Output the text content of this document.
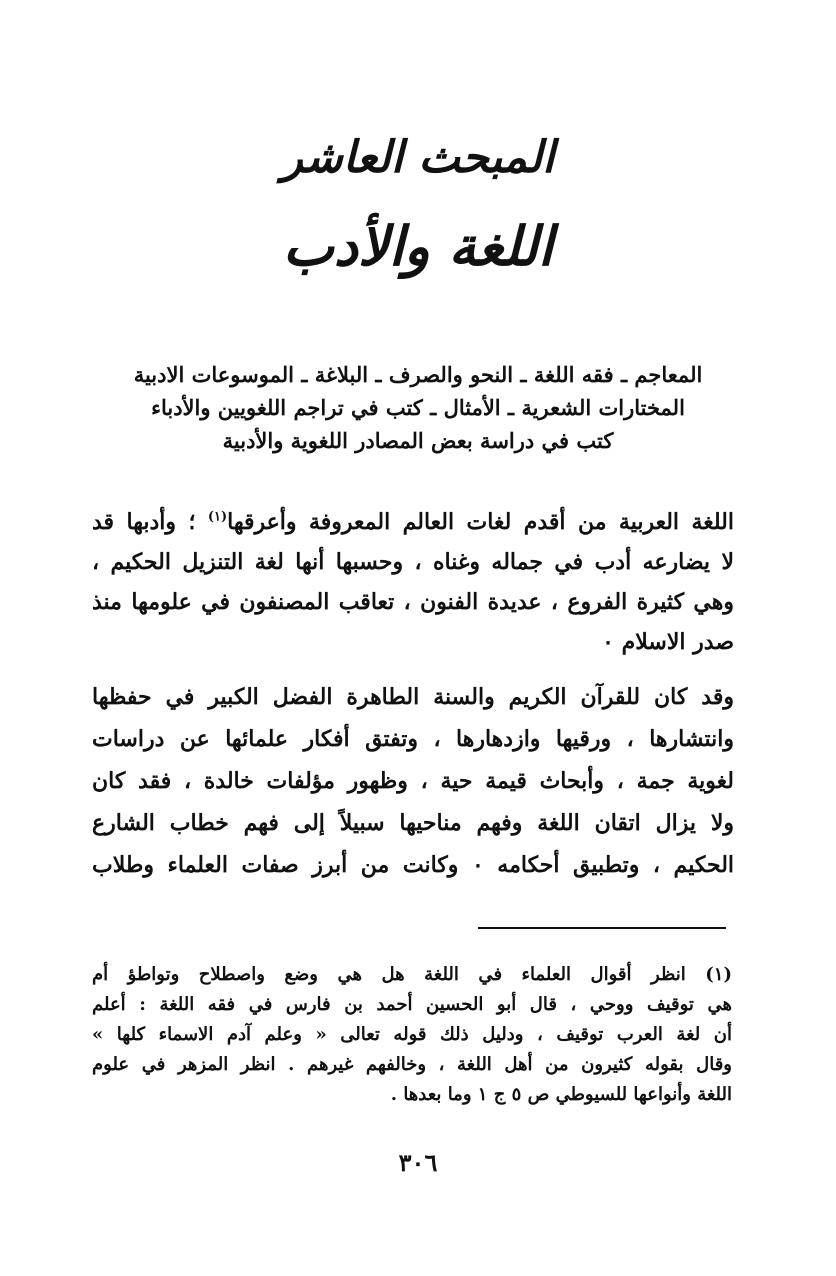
المبحث العاشر
اللغة والأدب
المعاجم ـ فقه اللغة ـ النحو والصرف ـ البلاغة ـ الموسوعات الادبية
المختارات الشعرية ـ الأمثال ـ كتب في تراجم اللغويين والأدباء
كتب في دراسة بعض المصادر اللغوية والأدبية
اللغة العربية من أقدم لغات العالم المعروفة وأعرقها$^{(١)}$ ؛ وأدبها قد
لا يضارعه أدب في جماله وغناه ، وحسبها أنها لغة التنزيل الحكيم ،
وهي كثيرة الفروع ، عديدة الفنون ، تعاقب المصنفون في علومها منذ
صدر الاسلام ٠
وقد كان للقرآن الكريم والسنة الطاهرة الفضل الكبير في حفظها
وانتشارها ، ورقيها وازدهارها ، وتفتق أفكار علمائها عن دراسات
لغوية جمة ، وأبحاث قيمة حية ، وظهور مؤلفات خالدة ، فقد كان
ولا يزال اتقان اللغة وفهم مناحيها سبيلاً إلى فهم خطاب الشارع
الحكيم ، وتطبيق أحكامه ٠ وكانت من أبرز صفات العلماء وطلاب
(١) انظر أقوال العلماء في اللغة هل هي وضع واصطلاح وتواطؤ أم
هي توقيف ووحي ، قال أبو الحسين أحمد بن فارس في فقه اللغة : أعلم
أن لغة العرب توقيف ، ودليل ذلك قوله تعالى « وعلم آدم الاسماء كلها »
وقال بقوله كثيرون من أهل اللغة ، وخالفهم غيرهم . انظر المزهر في علوم
اللغة وأنواعها للسيوطي ص ٥ ج ١ وما بعدها .
٣٠٦
